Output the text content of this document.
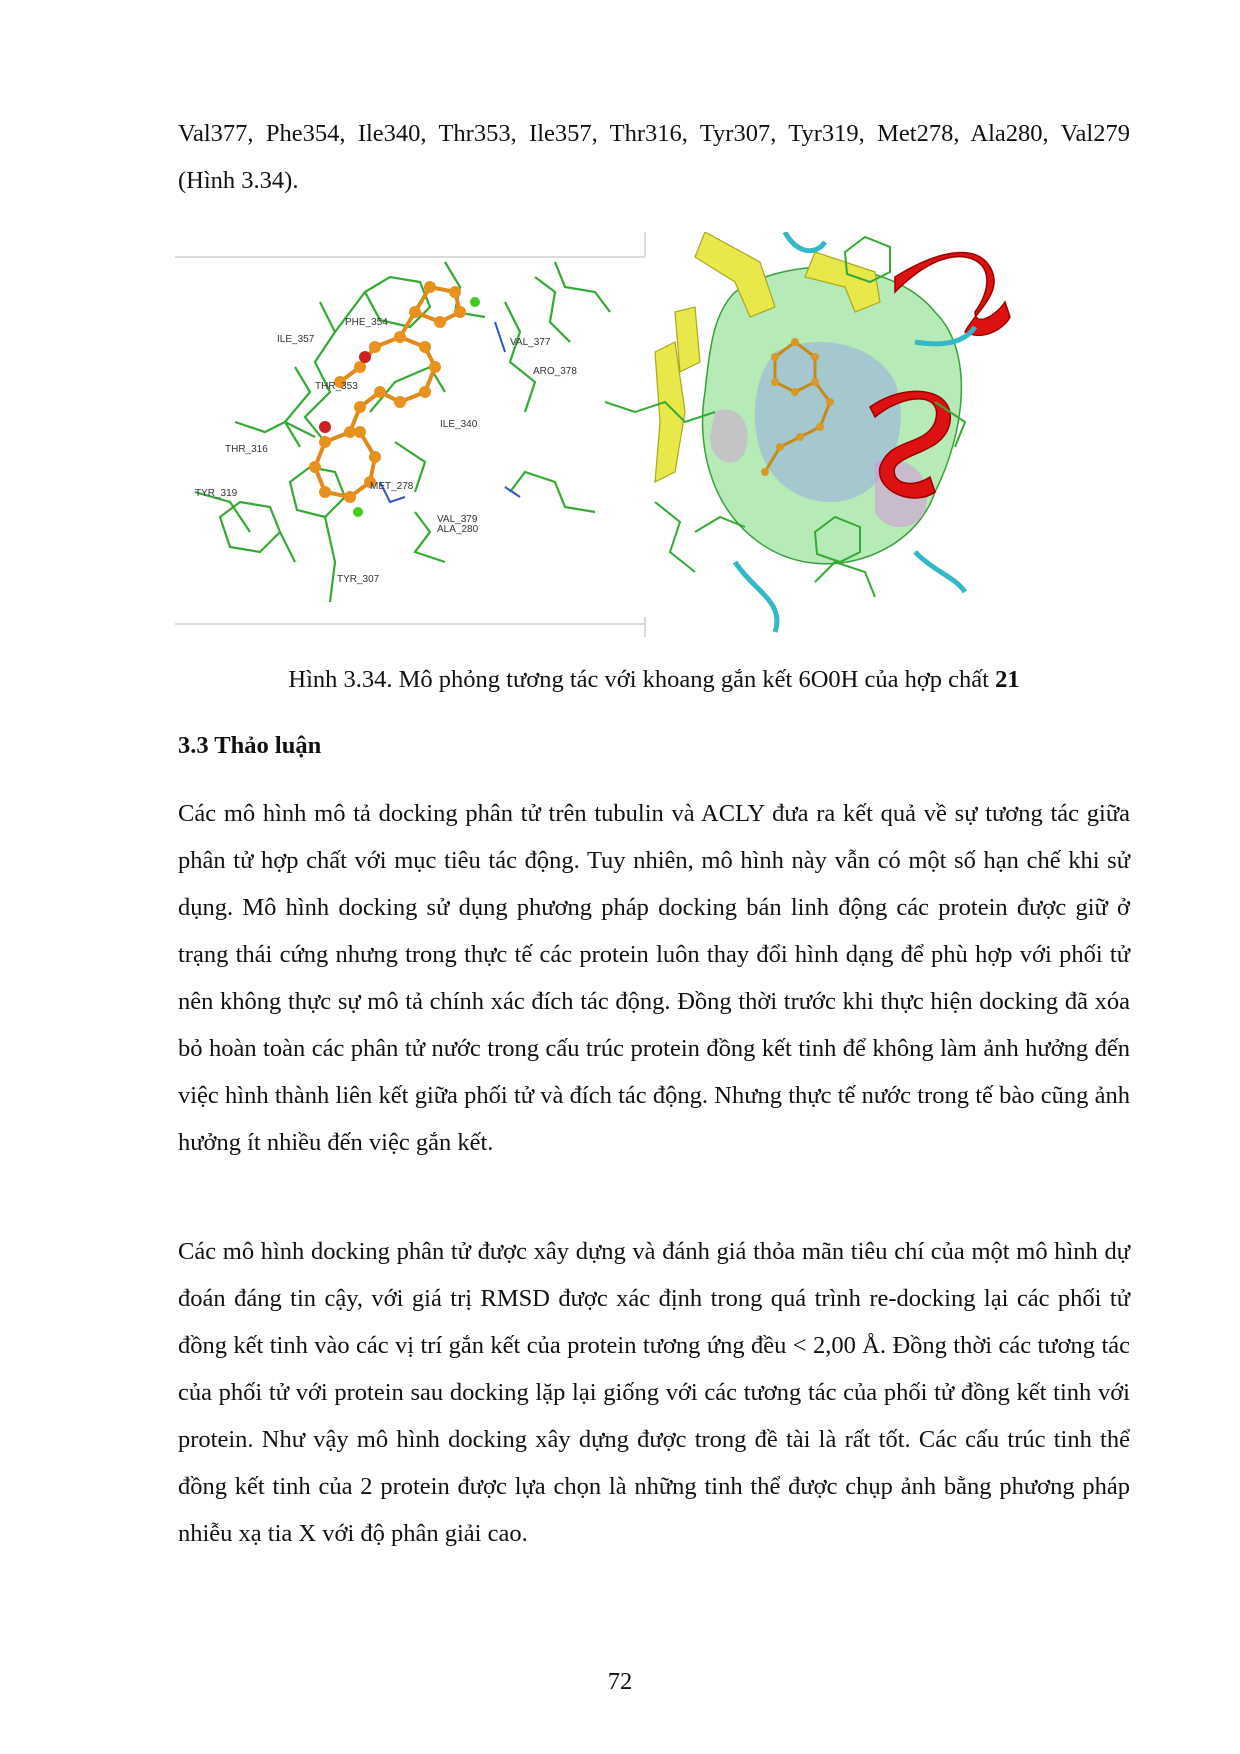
Val377, Phe354, Ile340, Thr353, Ile357, Thr316, Tyr307, Tyr319, Met278, Ala280, Val279 (Hình 3.34).
PHE_354
ILE_357	VAL_377
THR_353
ILE_340
THR_316
MET_278
TYR_319
TYR_307
VAL_379
ARO_378
ALA_280
Hình 3.34. Mô phỏng tương tác với khoang gắn kết 6O0H của hợp chất 21
3.3 Thảo luận
Các mô hình mô tả docking phân tử trên tubulin và ACLY đưa ra kết quả về sự tương tác giữa phân tử hợp chất với mục tiêu tác động. Tuy nhiên, mô hình này vẫn có một số hạn chế khi sử dụng. Mô hình docking sử dụng phương pháp docking bán linh động các protein được giữ ở trạng thái cứng nhưng trong thực tế các protein luôn thay đổi hình dạng để phù hợp với phối tử nên không thực sự mô tả chính xác đích tác động. Đồng thời trước khi thực hiện docking đã xóa bỏ hoàn toàn các phân tử nước trong cấu trúc protein đồng kết tinh để không làm ảnh hưởng đến việc hình thành liên kết giữa phối tử và đích tác động. Nhưng thực tế nước trong tế bào cũng ảnh hưởng ít nhiều đến việc gắn kết.
Các mô hình docking phân tử được xây dựng và đánh giá thỏa mãn tiêu chí của một mô hình dự đoán đáng tin cậy, với giá trị RMSD được xác định trong quá trình re-docking lại các phối tử đồng kết tinh vào các vị trí gắn kết của protein tương ứng đều < 2,00 Å. Đồng thời các tương tác của phối tử với protein sau docking lặp lại giống với các tương tác của phối tử đồng kết tinh với protein. Như vậy mô hình docking xây dựng được trong đề tài là rất tốt. Các cấu trúc tinh thể đồng kết tinh của 2 protein được lựa chọn là những tinh thể được chụp ảnh bằng phương pháp nhiễu xạ tia X với độ phân giải cao.
72
